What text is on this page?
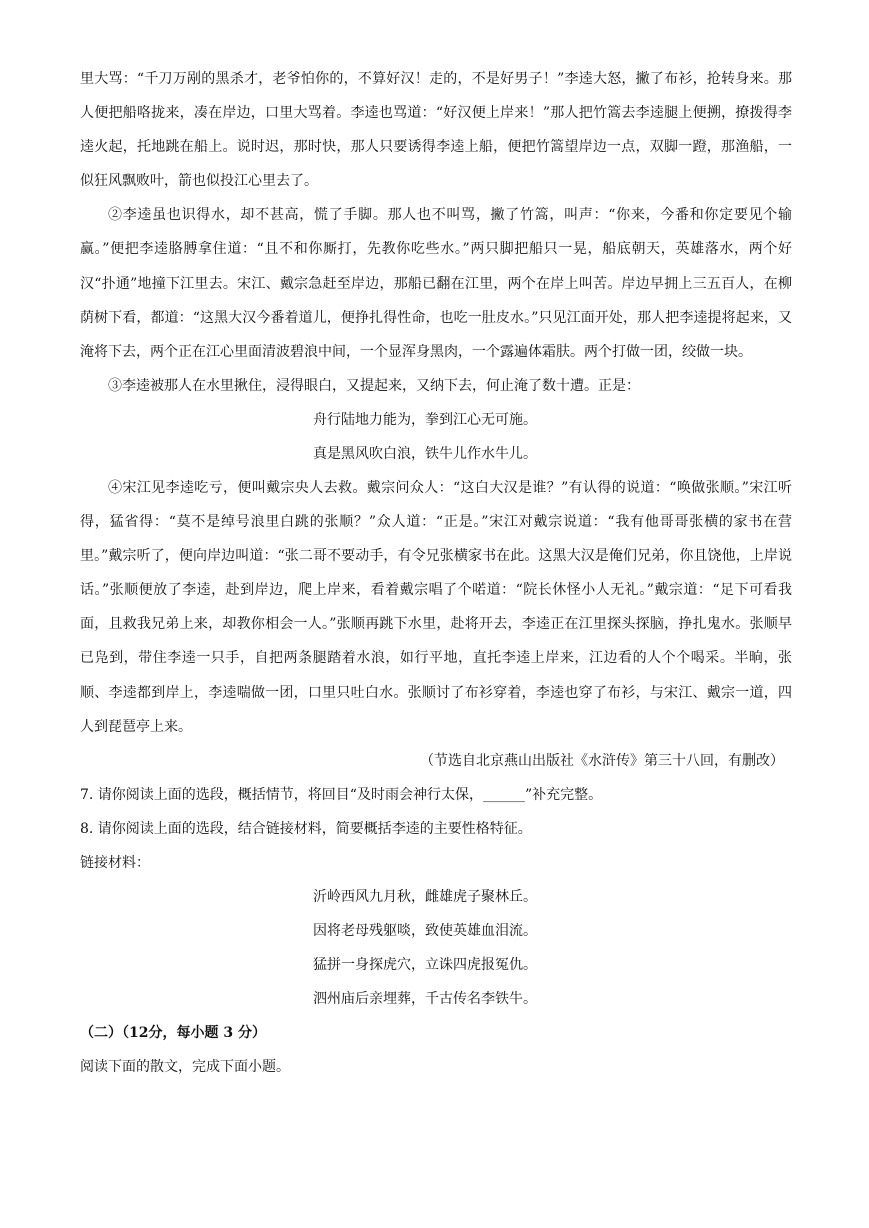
里大骂：“千刀万剐的黑杀才，老爷怕你的，不算好汉！走的，不是好男子！”李逵大怒，撇了布衫，抢转身来。那人便把船咯拢来，凑在岸边，口里大骂着。李逵也骂道：“好汉便上岸来！”那人把竹篙去李逵腿上便搠，撩拨得李逵火起，托地跳在船上。说时迟，那时快，那人只要诱得李逵上船，便把竹篙望岸边一点，双脚一蹬，那渔船，一似狂风飘败叶，箭也似投江心里去了。

②李逵虽也识得水，却不甚高，慌了手脚。那人也不叫骂，撇了竹篙，叫声：“你来，今番和你定要见个输赢。”便把李逵胳膊拿住道：“且不和你厮打，先教你吃些水。”两只脚把船只一晃，船底朝天，英雄落水，两个好汉“扑通”地撞下江里去。宋江、戴宗急赶至岸边，那船已翻在江里，两个在岸上叫苦。岸边早拥上三五百人，在柳荫树下看，都道：“这黑大汉今番着道儿，便挣扎得性命，也吃一肚皮水。”只见江面开处，那人把李逵提将起来，又淹将下去，两个正在江心里面清波碧浪中间，一个显浑身黑肉，一个露遍体霜肤。两个打做一团，绞做一块。

③李逵被那人在水里揪住，浸得眼白，又提起来，又纳下去，何止淹了数十遭。正是：

舟行陆地力能为，拳到江心无可施。

真是黑风吹白浪，铁牛儿作水牛儿。

④宋江见李逵吃亏，便叫戴宗央人去救。戴宗问众人：“这白大汉是谁？”有认得的说道：“唤做张顺。”宋江听得，猛省得：“莫不是绰号浪里白跳的张顺？”众人道：“正是。”宋江对戴宗说道：“我有他哥哥张横的家书在营里。”戴宗听了，便向岸边叫道：“张二哥不要动手，有令兄张横家书在此。这黑大汉是俺们兄弟，你且饶他，上岸说话。”张顺便放了李逵，赴到岸边，爬上岸来，看着戴宗唱了个喏道：“院长休怪小人无礼。”戴宗道：“足下可看我面，且救我兄弟上来，却教你相会一人。”张顺再跳下水里，赴将开去，李逵正在江里探头探脑，挣扎鬼水。张顺早已凫到，带住李逵一只手，自把两条腿踏着水浪，如行平地，直托李逵上岸来，江边看的人个个喝采。半晌，张顺、李逵都到岸上，李逵喘做一团，口里只吐白水。张顺讨了布衫穿着，李逵也穿了布衫，与宋江、戴宗一道，四人到琵琶亭上来。

（节选自北京燕山出版社《水浒传》第三十八回，有删改）

7. 请你阅读上面的选段，概括情节，将回目“及时雨会神行太保，______”补充完整。

8. 请你阅读上面的选段，结合链接材料，简要概括李逵的主要性格特征。

链接材料：

沂岭西风九月秋，雌雄虎子聚林丘。

因将老母残躯啖，致使英雄血泪流。

猛拼一身探虎穴，立诛四虎报冤仇。

泗州庙后亲埋葬，千古传名李铁牛。

（二）（12分，每小题 3 分）

阅读下面的散文，完成下面小题。
